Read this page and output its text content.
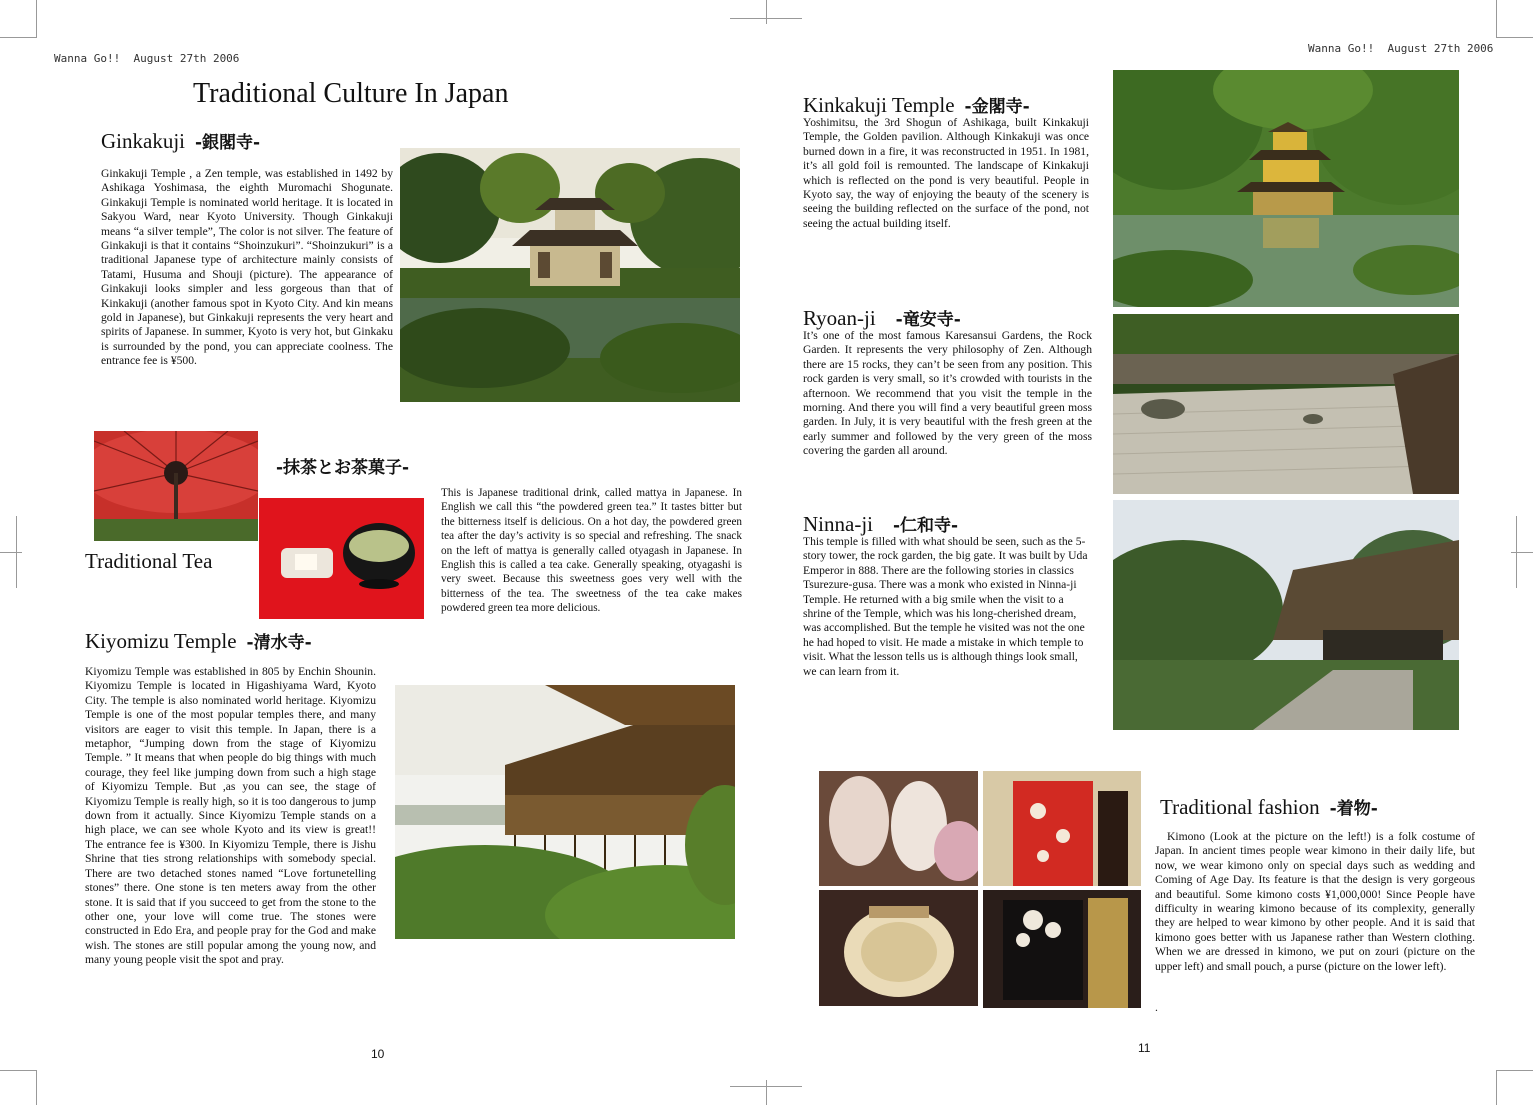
Wanna Go!!  August 27th 2006
Wanna Go!!  August 27th 2006
Traditional Culture In Japan
Ginkakuji -銀閣寺-
Ginkakuji Temple , a Zen temple, was established in 1492 by Ashikaga Yoshimasa, the eighth Muromachi Shogunate. Ginkakuji Temple is nominated world heritage. It is located in Sakyou Ward, near Kyoto University. Though Ginkakuji means “a silver temple”, The color is not silver. The feature of Ginkakuji is that it contains “Shoinzukuri”. “Shoinzukuri” is a traditional Japanese type of architecture mainly consists of Tatami, Husuma and Shouji (picture). The appearance of Ginkakuji looks simpler and less gorgeous than that of Kinkakuji (another famous spot in Kyoto City. And kin means gold in Japanese), but Ginkakuji represents the very heart and spirits of Japanese. In summer, Kyoto is very hot, but Ginkaku is surrounded by the pond, you can appreciate coolness. The entrance fee is ¥500.
-抹茶とお茶菓子-
Traditional Tea
This is Japanese traditional drink, called mattya in Japanese. In English we call this “the powdered green tea.” It tastes bitter but the bitterness itself is delicious. On a hot day, the powdered green tea after the day’s activity is so special and refreshing. The snack on the left of mattya is generally called otyagash in Japanese. In English this is called a tea cake. Generally speaking, otyagashi is very sweet. Because this sweetness goes very well with the bitterness of the tea. The sweetness of the tea cake makes powdered green tea more delicious.
Kiyomizu Temple -清水寺-
Kiyomizu Temple was established in 805 by Enchin Shounin. Kiyomizu Temple is located in Higashiyama Ward, Kyoto City. The temple is also nominated world heritage. Kiyomizu Temple is one of the most popular temples there, and many visitors are eager to visit this temple. In Japan, there is a metaphor, “Jumping down from the stage of Kiyomizu Temple. ” It means that when people do big things with much courage, they feel like jumping down from such a high stage of Kiyomizu Temple. But ,as you can see, the stage of Kiyomizu Temple is really high, so it is too dangerous to jump down from it actually. Since Kiyomizu Temple stands on a high place, we can see whole Kyoto and its view is great!! The entrance fee is ¥300. In Kiyomizu Temple, there is Jishu Shrine that ties strong relationships with somebody special. There are two detached stones named “Love fortunetelling stones” there. One stone is ten meters away from the other stone. It is said that if you succeed to get from the stone to the other one, your love will come true. The stones were constructed in Edo Era, and people pray for the God and make wish. The stones are still popular among the young now, and many young people visit the spot and pray.
10
Kinkakuji Temple -金閣寺-
Yoshimitsu, the 3rd Shogun of Ashikaga, built Kinkakuji Temple, the Golden pavilion. Although Kinkakuji was once burned down in a fire, it was reconstructed in 1951. In 1981, it’s all gold foil is remounted. The landscape of Kinkakuji which is reflected on the pond is very beautiful. People in Kyoto say, the way of enjoying the beauty of the scenery is seeing the building reflected on the surface of the pond, not seeing the actual building itself.
Ryoan-ji -竜安寺-
It’s one of the most famous Karesansui Gardens, the Rock Garden. It represents the very philosophy of Zen. Although there are 15 rocks, they can’t be seen from any position. This rock garden is very small, so it’s crowded with tourists in the afternoon. We recommend that you visit the temple in the morning. And there you will find a very beautiful green moss garden. In July, it is very beautiful with the fresh green at the early summer and followed by the very green of the moss covering the garden all around.
Ninna-ji -仁和寺-
This temple is filled with what should be seen, such as the 5-story tower, the rock garden, the big gate. It was built by Uda Emperor in 888. There are the following stories in classics Tsurezure-gusa. There was a monk who existed in Ninna-ji Temple. He returned with a big smile when the visit to a shrine of the Temple, which was his long-cherished dream, was accomplished. But the temple he visited was not the one he had hoped to visit. He made a mistake in which temple to visit. What the lesson tells us is although things look small, we can learn from it.
Traditional fashion -着物-
Kimono (Look at the picture on the left!) is a folk costume of Japan. In ancient times people wear kimono in their daily life, but now, we wear kimono only on special days such as wedding and Coming of Age Day. Its feature is that the design is very gorgeous and beautiful. Some kimono costs ¥1,000,000! Since People have difficulty in wearing kimono because of its complexity, generally they are helped to wear kimono by other people. And it is said that kimono goes better with us Japanese rather than Western clothing. When we are dressed in kimono, we put on zouri (picture on the upper left) and small pouch, a purse (picture on the lower left).
.
11
